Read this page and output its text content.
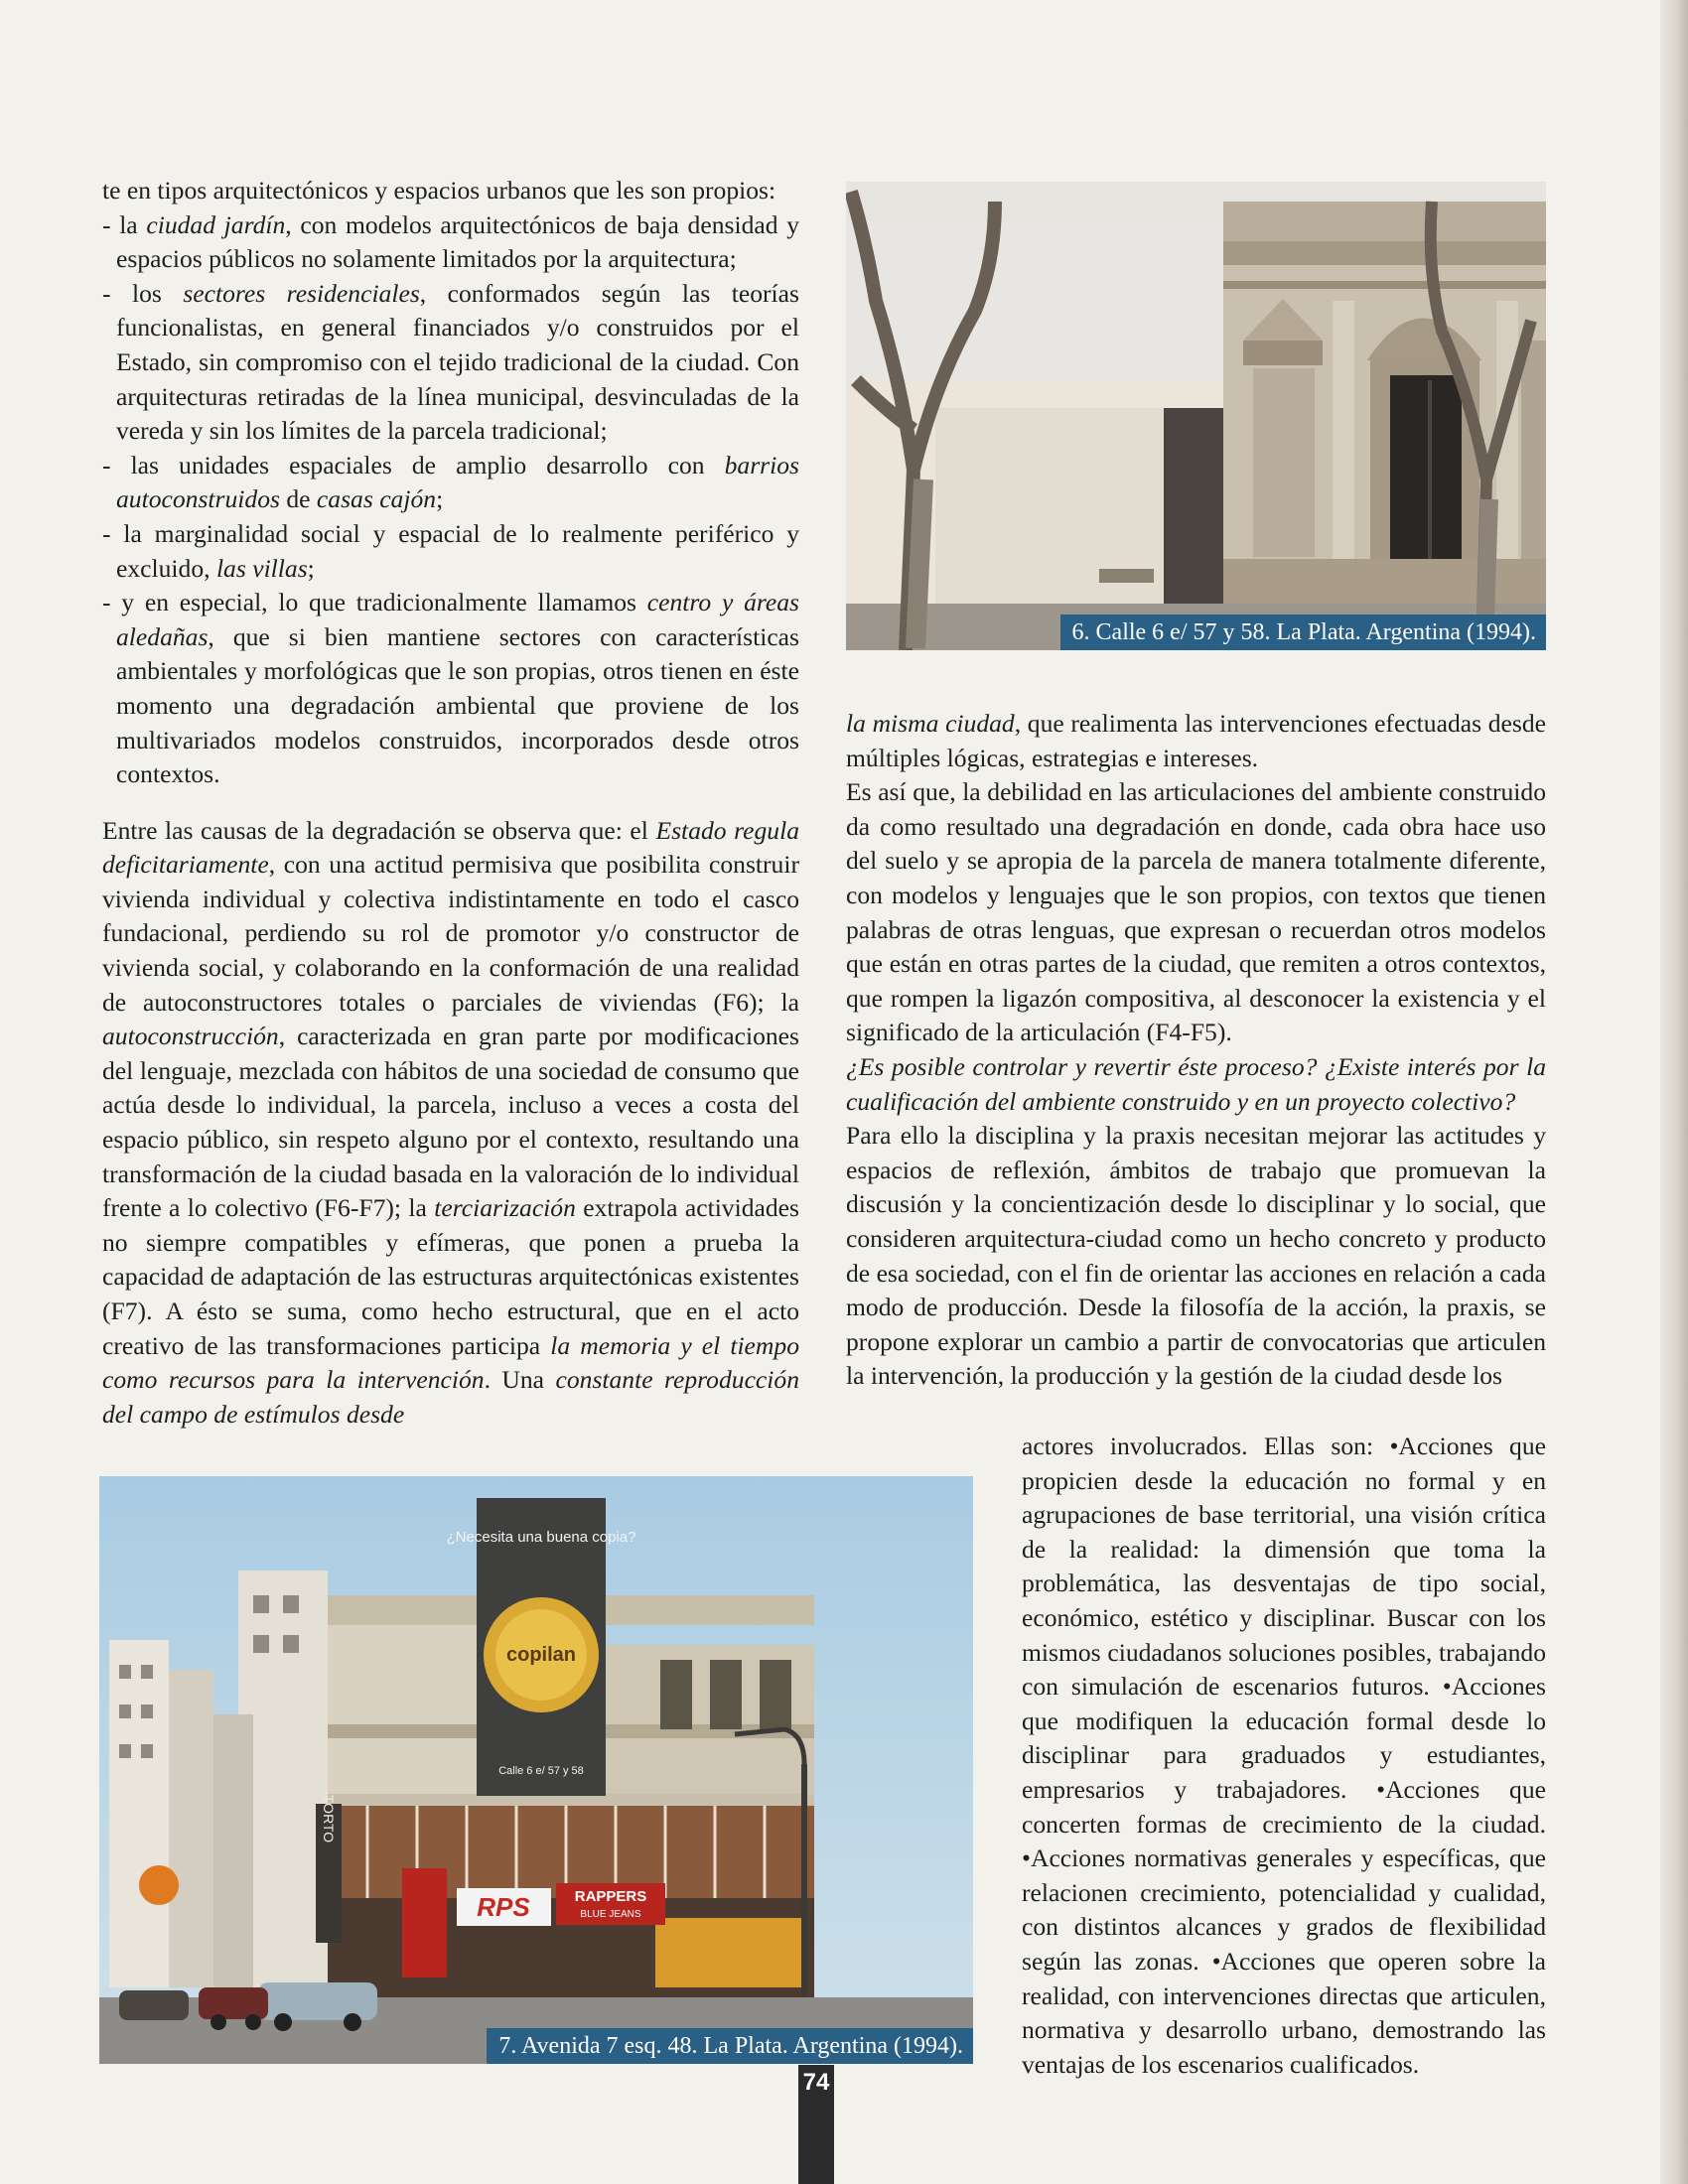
te en tipos arquitectónicos y espacios urbanos que les son propios:

- la ciudad jardín, con modelos arquitectónicos de baja densidad y espacios públicos no solamente limitados por la arquitectura;

- los sectores residenciales, conformados según las teorías funcionalistas, en general financiados y/o construidos por el Estado, sin compromiso con el tejido tradicional de la ciudad. Con arquitecturas retiradas de la línea municipal, desvinculadas de la vereda y sin los límites de la parcela tradicional;

- las unidades espaciales de amplio desarrollo con barrios autoconstruidos de casas cajón;

- la marginalidad social y espacial de lo realmente periférico y excluido, las villas;

- y en especial, lo que tradicionalmente llamamos centro y áreas aledañas, que si bien mantiene sectores con características ambientales y morfológicas que le son propias, otros tienen en éste momento una degradación ambiental que proviene de los multivariados modelos construidos, incorporados desde otros contextos.

Entre las causas de la degradación se observa que: el Estado regula deficitariamente, con una actitud permisiva que posibilita construir vivienda individual y colectiva indistintamente en todo el casco fundacional, perdiendo su rol de promotor y/o constructor de vivienda social, y colaborando en la conformación de una realidad de autoconstructores totales o parciales de viviendas (F6); la autoconstrucción, caracterizada en gran parte por modificaciones del lenguaje, mezclada con hábitos de una sociedad de consumo que actúa desde lo individual, la parcela, incluso a veces a costa del espacio público, sin respeto alguno por el contexto, resultando una transformación de la ciudad basada en la valoración de lo individual frente a lo colectivo (F6-F7); la terciarización extrapola actividades no siempre compatibles y efímeras, que ponen a prueba la capacidad de adaptación de las estructuras arquitectónicas existentes (F7). A ésto se suma, como hecho estructural, que en el acto creativo de las transformaciones participa la memoria y el tiempo como recursos para la intervención. Una constante reproducción del campo de estímulos desde

6. Calle 6 e/ 57 y 58. La Plata. Argentina (1994).

la misma ciudad, que realimenta las intervenciones efectuadas desde múltiples lógicas, estrategias e intereses.

Es así que, la debilidad en las articulaciones del ambiente construido da como resultado una degradación en donde, cada obra hace uso del suelo y se apropia de la parcela de manera totalmente diferente, con modelos y lenguajes que le son propios, con textos que tienen palabras de otras lenguas, que expresan o recuerdan otros modelos que están en otras partes de la ciudad, que remiten a otros contextos, que rompen la ligazón compositiva, al desconocer la existencia y el significado de la articulación (F4-F5).

¿Es posible controlar y revertir éste proceso? ¿Existe interés por la cualificación del ambiente construido y en un proyecto colectivo?

Para ello la disciplina y la praxis necesitan mejorar las actitudes y espacios de reflexión, ámbitos de trabajo que promuevan la discusión y la concientización desde lo disciplinar y lo social, que consideren arquitectura-ciudad como un hecho concreto y producto de esa sociedad, con el fin de orientar las acciones en relación a cada modo de producción. Desde la filosofía de la acción, la praxis, se propone explorar un cambio a partir de convocatorias que articulen la intervención, la producción y la gestión de la ciudad desde los

actores involucrados. Ellas son: •Acciones que propicien desde la educación no formal y en agrupaciones de base territorial, una visión crítica de la realidad: la dimensión que toma la problemática, las desventajas de tipo social, económico, estético y disciplinar. Buscar con los mismos ciudadanos soluciones posibles, trabajando con simulación de escenarios futuros. •Acciones que modifiquen la educación formal desde lo disciplinar para graduados y estudiantes, empresarios y trabajadores. •Acciones que concerten formas de crecimiento de la ciudad. •Acciones normativas generales y específicas, que relacionen crecimiento, potencialidad y cualidad, con distintos alcances y grados de flexibilidad según las zonas. •Acciones que operen sobre la realidad, con intervenciones directas que articulen, normativa y desarrollo urbano, demostrando las ventajas de los escenarios cualificados.

¿Necesita una buena copia?
copilan
Calle 6 e/ 57 y 58
RPS	RAPPERS
BLUE JEANS
TORTO
7. Avenida 7 esq. 48. La Plata. Argentina (1994).
74
